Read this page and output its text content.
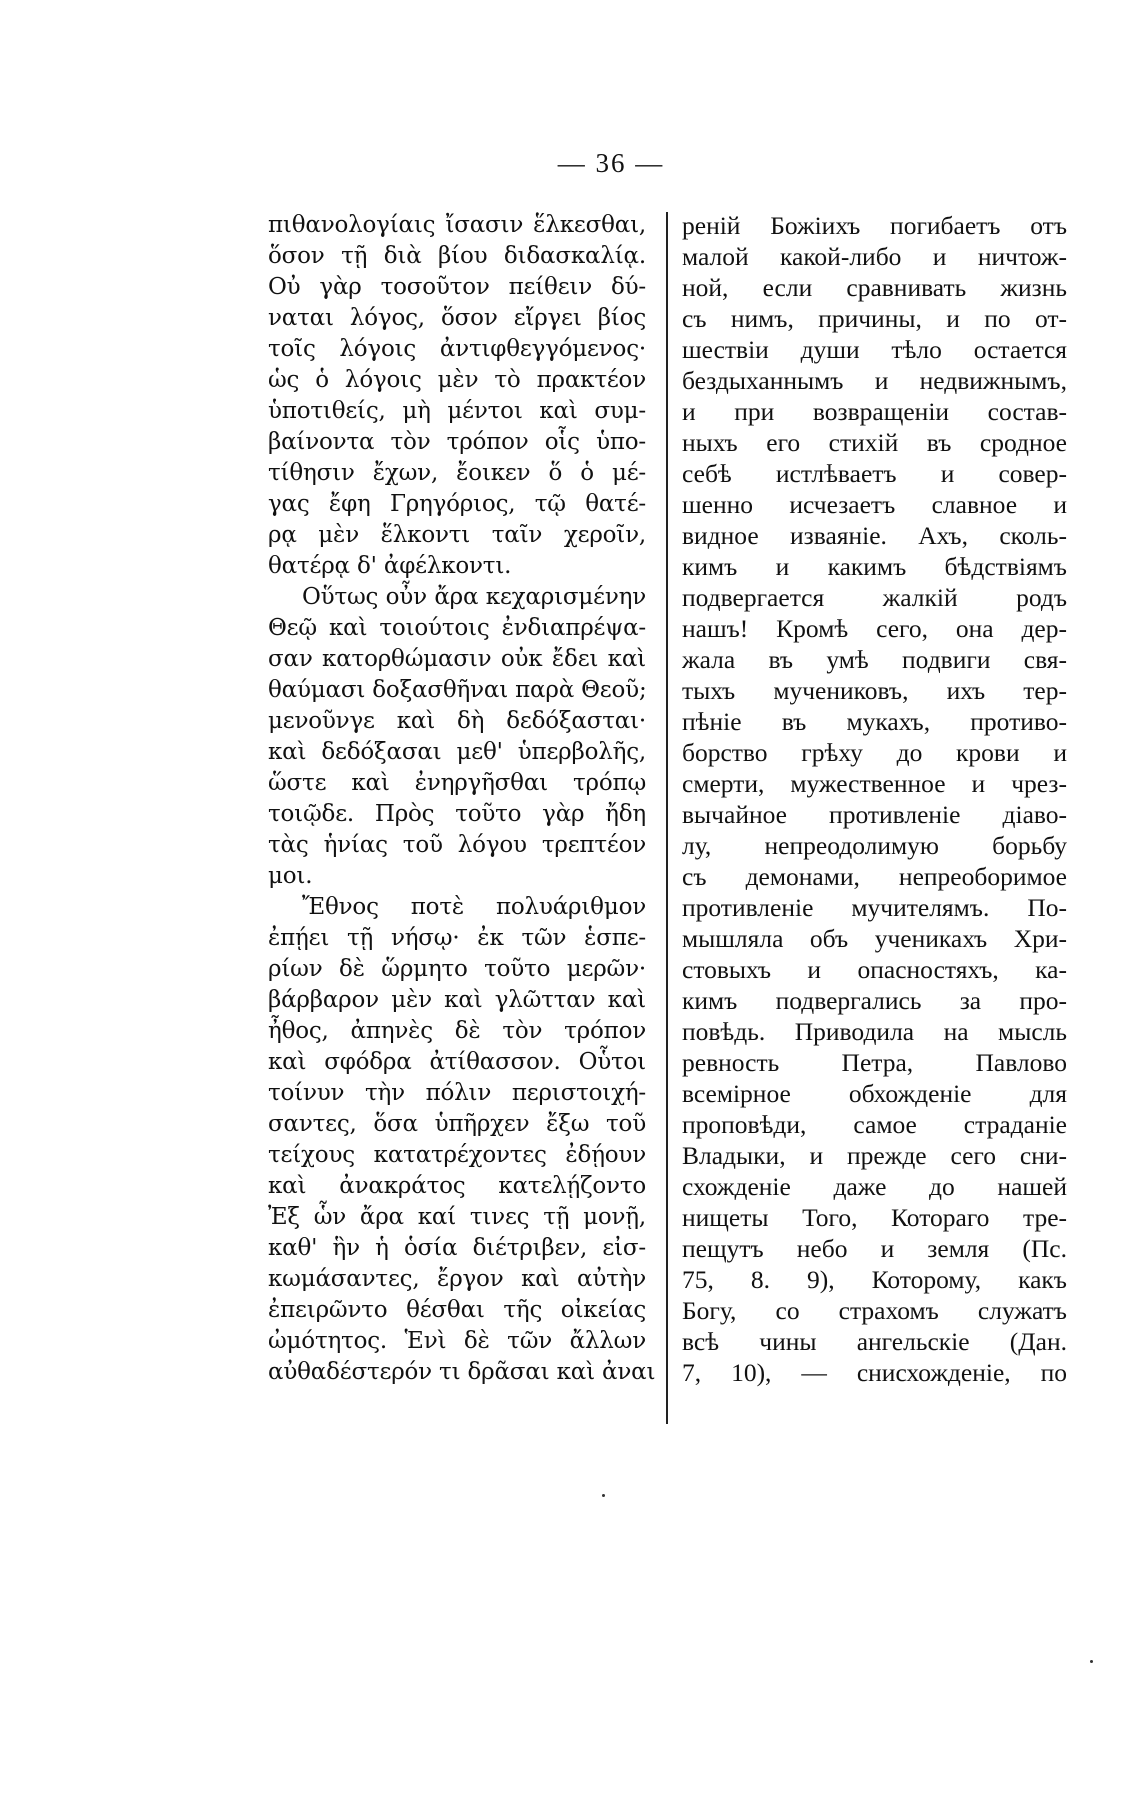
— 36 —
πιθανολογίαις ἴσασιν ἕλκεσθαι,
ὅσον τῇ διὰ βίου διδασκαλίᾳ.
Οὐ γὰρ τοσοῦτον πείθειν δύ-
ναται λόγος, ὅσον εἴργει βίος
τοῖς λόγοις ἀντιφθεγγόμενος·
ὡς ὁ λόγοις μὲν τὸ πρακτέον
ὑποτιθείς, μὴ μέντοι καὶ συμ-
βαίνοντα τὸν τρόπον οἷς ὑπο-
τίθησιν ἔχων, ἔοικεν ὅ ὁ μέ-
γας ἔφη Γρηγόριος, τῷ θατέ-
ρᾳ μὲν ἕλκοντι ταῖν χεροῖν,
θατέρᾳ δ' ἀφέλκοντι.
Οὕτως οὖν ἄρα κεχαρισμένην
Θεῷ καὶ τοιούτοις ἐνδιαπρέψα-
σαν κατορθώμασιν οὐκ ἔδει καὶ
θαύμασι δοξασθῆναι παρὰ Θεοῦ;
μενοῦνγε καὶ δὴ δεδόξασται·
καὶ δεδόξασαι μεθ' ὑπερβολῆς,
ὥστε καὶ ἐνηργῆσθαι τρόπῳ
τοιῷδε. Πρὸς τοῦτο γὰρ ἤδη
τὰς ἡνίας τοῦ λόγου τρεπτέον
μοι.
Ἔθνος ποτὲ πολυάριθμον
ἐπῄει τῇ νήσῳ· ἐκ τῶν ἑσπε-
ρίων δὲ ὥρμητο τοῦτο μερῶν·
βάρβαρον μὲν καὶ γλῶτταν καὶ
ἦθος, ἀπηνὲς δὲ τὸν τρόπον
καὶ σφόδρα ἀτίθασσον. Οὗτοι
τοίνυν τὴν πόλιν περιστοιχή-
σαντες, ὅσα ὑπῆρχεν ἔξω τοῦ
τείχους κατατρέχοντες ἐδῄουν
καὶ ἀνακράτος κατελῄζοντο
Ἐξ ὧν ἄρα καί τινες τῇ μονῇ,
καθ' ἣν ἡ ὁσία διέτριβεν, εἰσ-
κωμάσαντες, ἔργον καὶ αὐτὴν
ἐπειρῶντο θέσθαι τῆς οἰκείας
ὠμότητος. Ἑνὶ δὲ τῶν ἄλλων
αὐθαδέστερόν τι δρᾶσαι καὶ ἀναι
ренiй Божiихъ погибаетъ отъ
малой какой-либо и ничтож-
ной, если сравнивать жизнь
съ нимъ, причины, и по от-
шествiи души тѣло остается
бездыханнымъ и недвижнымъ,
и при возвращенiи состав-
ныхъ его стихiй въ сродное
себѣ истлѣваетъ и совер-
шенно исчезаетъ славное и
видное изваянiе. Ахъ, сколь-
кимъ и какимъ бѣдствiямъ
подвергается жалкiй родъ
нашъ! Кромѣ сего, она дер-
жала въ умѣ подвиги свя-
тыхъ мучениковъ, ихъ тер-
пѣнiе въ мукахъ, противо-
борство грѣху до крови и
смерти, мужественное и чрез-
вычайное противленiе дiаво-
лу, непреодолимую борьбу
съ демонами, непреоборимое
противленiе мучителямъ. По-
мышляла объ ученикахъ Хри-
стовыхъ и опасностяхъ, ка-
кимъ подвергались за про-
повѣдь. Приводила на мысль
ревность Петра, Павлово
всемiрное обхожденiе для
проповѣди, самое страданiе
Владыки, и прежде сего сни-
схожденiе даже до нашей
нищеты Того, Котораго тре-
пещутъ небо и земля (Пс.
75, 8. 9), Которому, какъ
Богу, со страхомъ служатъ
всѣ чины ангельскiе (Дан.
7, 10), — снисхожденiе, по
